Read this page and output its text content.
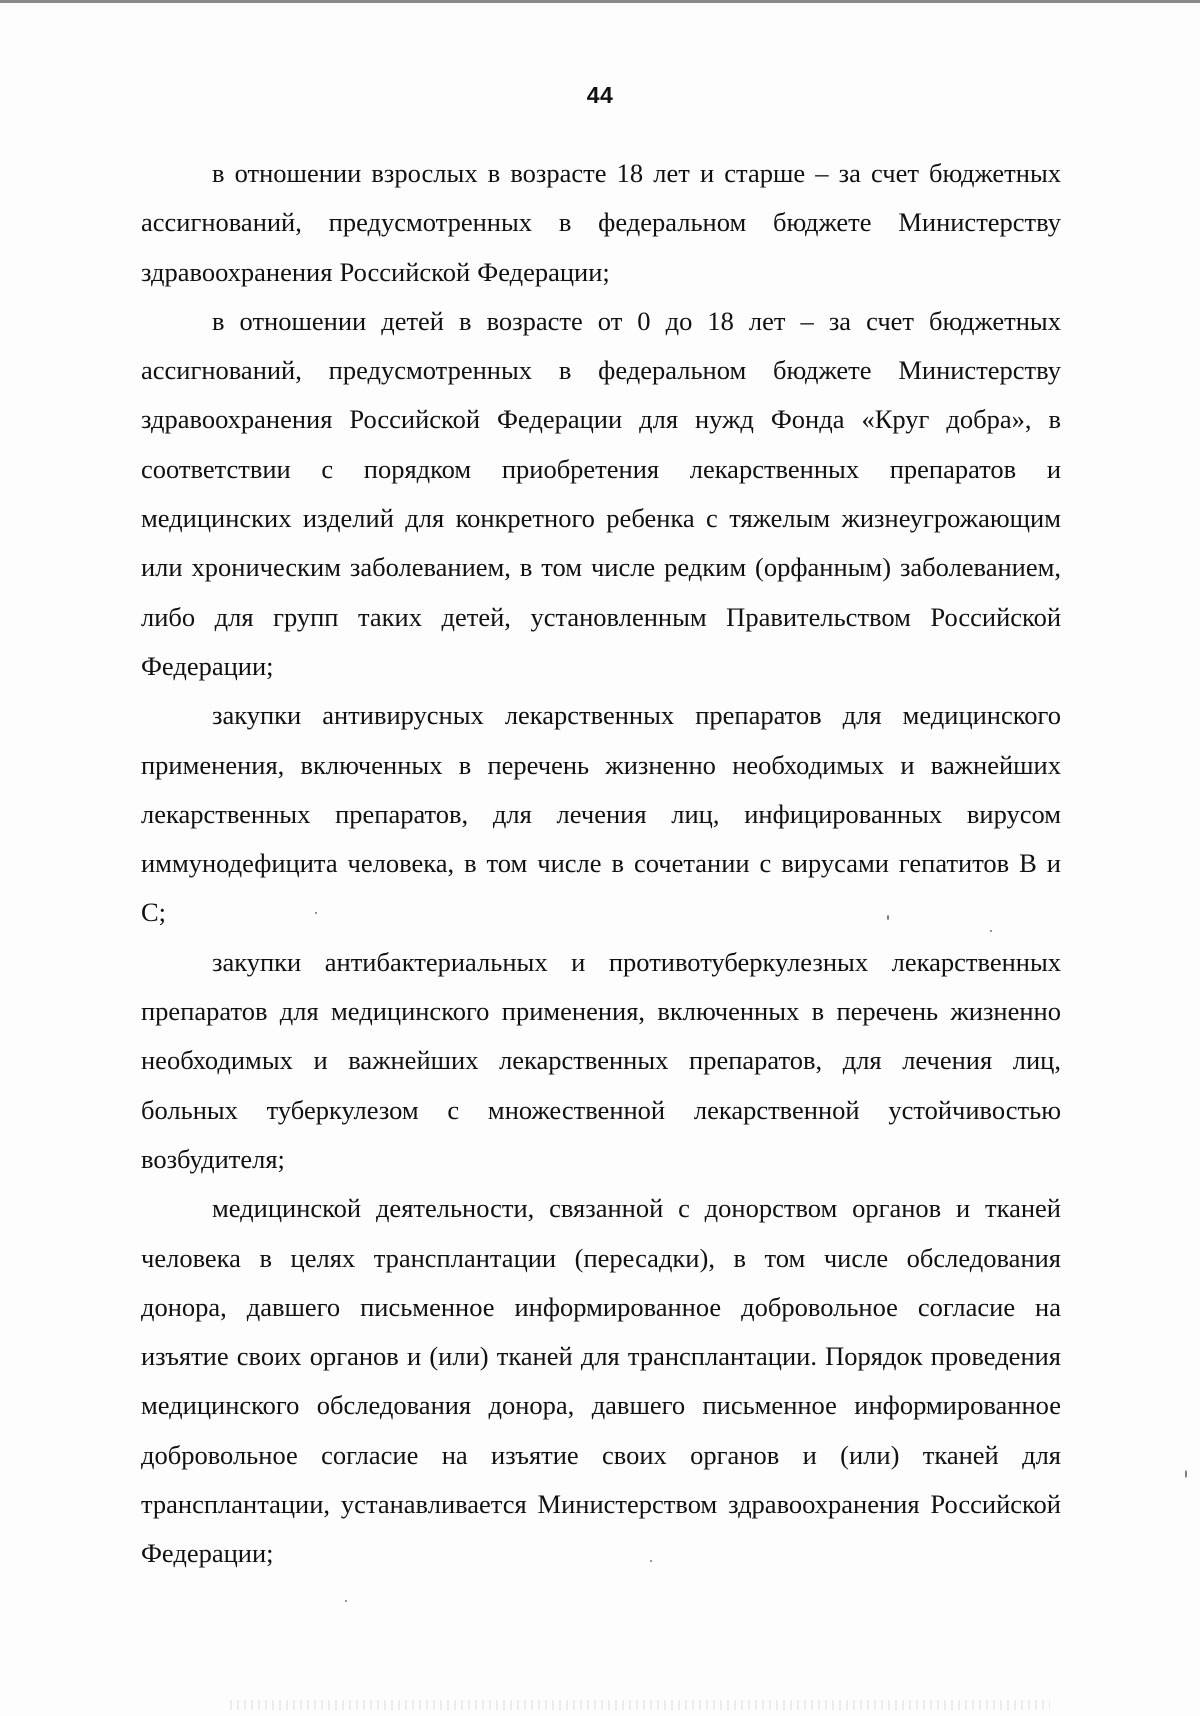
44

в отношении взрослых в возрасте 18 лет и старше – за счет бюджетных ассигнований, предусмотренных в федеральном бюджете Министерству здравоохранения Российской Федерации;

в отношении детей в возрасте от 0 до 18 лет – за счет бюджетных ассигнований, предусмотренных в федеральном бюджете Министерству здравоохранения Российской Федерации для нужд Фонда «Круг добра», в соответствии с порядком приобретения лекарственных препаратов и медицинских изделий для конкретного ребенка с тяжелым жизнеугрожающим или хроническим заболеванием, в том числе редким (орфанным) заболеванием, либо для групп таких детей, установленным Правительством Российской Федерации;

закупки антивирусных лекарственных препаратов для медицинского применения, включенных в перечень жизненно необходимых и важнейших лекарственных препаратов, для лечения лиц, инфицированных вирусом иммунодефицита человека, в том числе в сочетании с вирусами гепатитов В и С;

закупки антибактериальных и противотуберкулезных лекарственных препаратов для медицинского применения, включенных в перечень жизненно необходимых и важнейших лекарственных препаратов, для лечения лиц, больных туберкулезом с множественной лекарственной устойчивостью возбудителя;

медицинской деятельности, связанной с донорством органов и тканей человека в целях трансплантации (пересадки), в том числе обследования донора, давшего письменное информированное добровольное согласие на изъятие своих органов и (или) тканей для трансплантации. Порядок проведения медицинского обследования донора, давшего письменное информированное добровольное согласие на изъятие своих органов и (или) тканей для трансплантации, устанавливается Министерством здравоохранения Российской Федерации;
